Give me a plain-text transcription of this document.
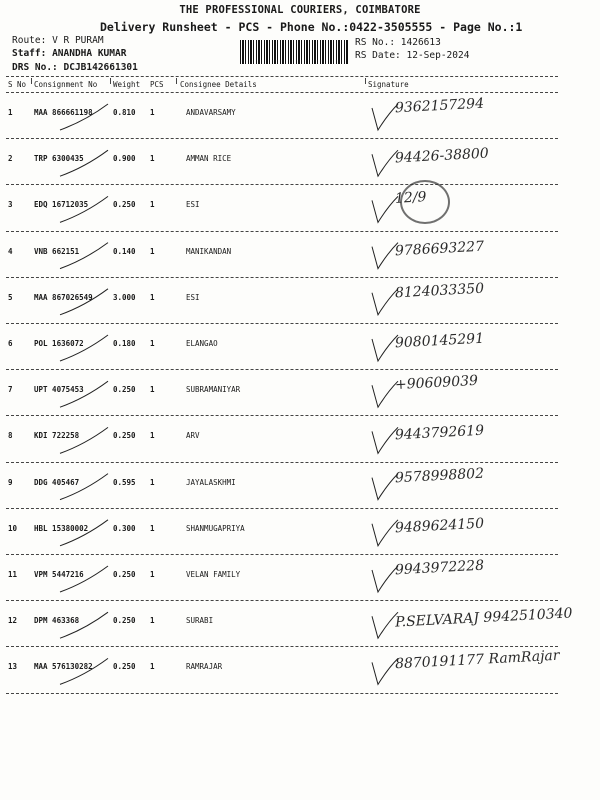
THE PROFESSIONAL COURIERS, COIMBATORE
Delivery Runsheet - PCS - Phone No.:0422-3505555 - Page No.:1
Route: V R PURAM
Staff: ANANDHA KUMAR
DRS No.: DCJB142661301
RS No.: 1426613
RS Date: 12-Sep-2024
S No Consignment No Weight PCS Consignee Details	Signature
1	MAA 866661198	0.810 1	ANDAVARSAMY	9362157294
2	TRP 6300435	0.900 1	AMMAN RICE	94426-38800
3	EDQ 16712035	0.250 1	ESI	12/9
4	VNB 662151	0.140 1	MANIKANDAN	9786693227
5	MAA 867026549	3.000 1	ESI	8124033350
6	POL 1636072	0.180 1	ELANGAO	9080145291
7	UPT 4075453	0.250 1	SUBRAMANIYAR	+90609039
8	KDI 722258	0.250 1	ARV	9443792619
9	DDG 405467	0.595 1	JAYALASKHMI	9578998802
10 HBL 15380002	0.300 1	SHANMUGAPRIYA	9489624150
11 VPM 5447216	0.250 1	VELAN FAMILY	9943972228
12 DPM 463368	0.250 1	SURABI	P.SELVARAJ 9942510340
13 MAA 576130282	0.250 1	RAMRAJAR	8870191177 RamRajar
